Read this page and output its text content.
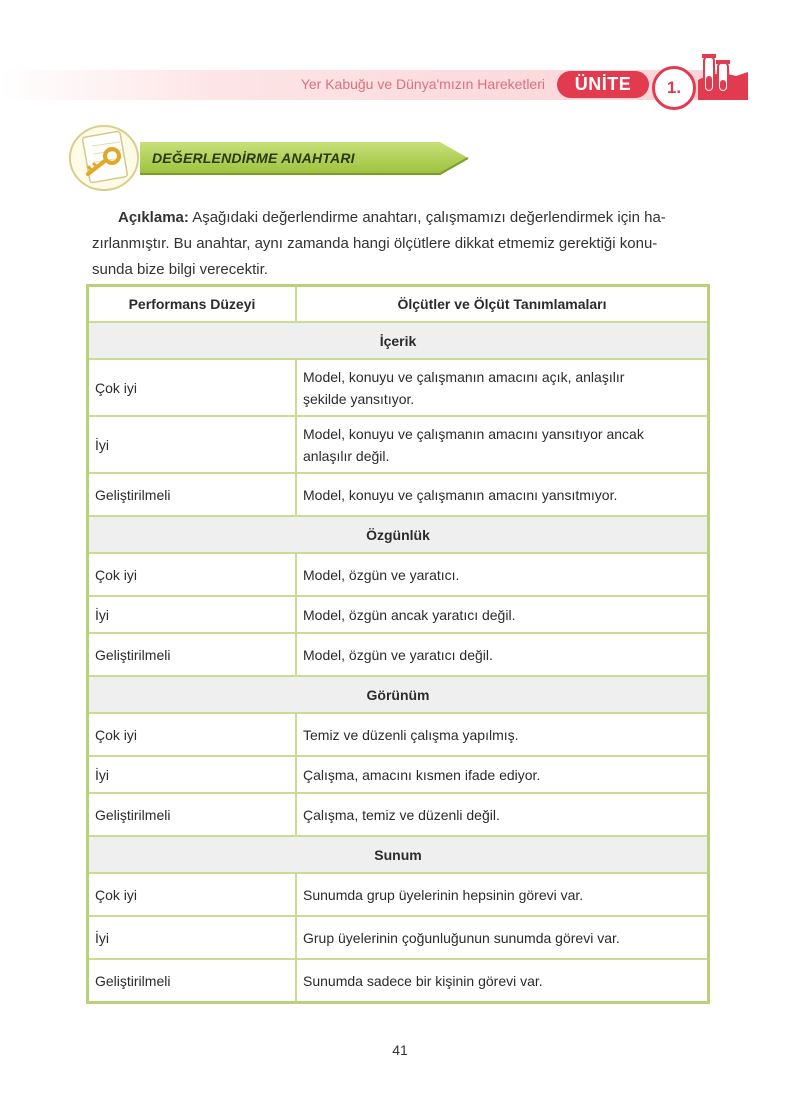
Yer Kabuğu ve Dünya'mızın Hareketleri	ÜNİTE	1.
DEĞERLENDİRME ANAHTARI
Açıklama: Aşağıdaki değerlendirme anahtarı, çalışmamızı değerlendirmek için ha-
zırlanmıştır. Bu anahtar, aynı zamanda hangi ölçütlere dikkat etmemiz gerektiği konu-
sunda bize bilgi verecektir.
Performans Düzeyi	Ölçütler ve Ölçüt Tanımlamaları
İçerik	
Çok iyi	Model, konuyu ve çalışmanın amacını açık, anlaşılır
şekilde yansıtıyor.
İyi	Model, konuyu ve çalışmanın amacını yansıtıyor ancak
anlaşılır değil.
Geliştirilmeli	Model, konuyu ve çalışmanın amacını yansıtmıyor.
Özgünlük	
Çok iyi	Model, özgün ve yaratıcı.
İyi	Model, özgün ancak yaratıcı değil.
Geliştirilmeli	Model, özgün ve yaratıcı değil.
Görünüm	
Çok iyi	Temiz ve düzenli çalışma yapılmış.
İyi	Çalışma, amacını kısmen ifade ediyor.
Geliştirilmeli	Çalışma, temiz ve düzenli değil.
Sunum	
Çok iyi	Sunumda grup üyelerinin hepsinin görevi var.
İyi	Grup üyelerinin çoğunluğunun sunumda görevi var.
Geliştirilmeli	Sunumda sadece bir kişinin görevi var.
41
